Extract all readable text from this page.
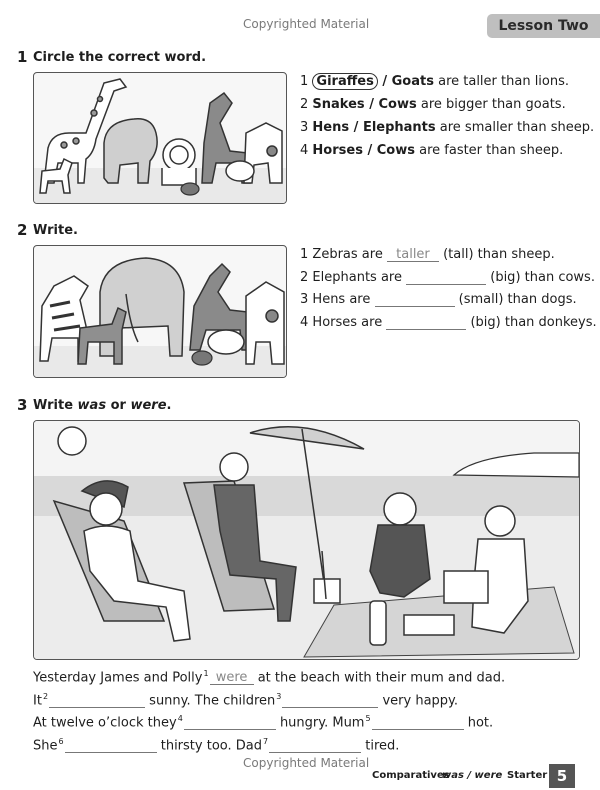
Copyrighted Material	Lesson Two
1 Circle the correct word.
1 Giraffes / Goats are taller than lions.
2 Snakes / Cows are bigger than goats.
3 Hens / Elephants are smaller than sheep.
4 Horses / Cows are faster than sheep.
2 Write.
1 Zebras are taller (tall) than sheep.
2 Elephants are	(big) than cows.
3 Hens are	(small) than dogs.
4 Horses are	(big) than donkeys.
3 Write was or were.
Yesterday James and Polly$^1$ were at the beach with their mum and dad.
It$^2$	sunny. The children$^3$	very happy.
At twelve o’clock they$^4$	hungry. Mum$^5$	hot.
She$^6$	thirsty too. Dad$^7$	tired.
Copyrighted Material
Comparatives
was / were Starter 5
